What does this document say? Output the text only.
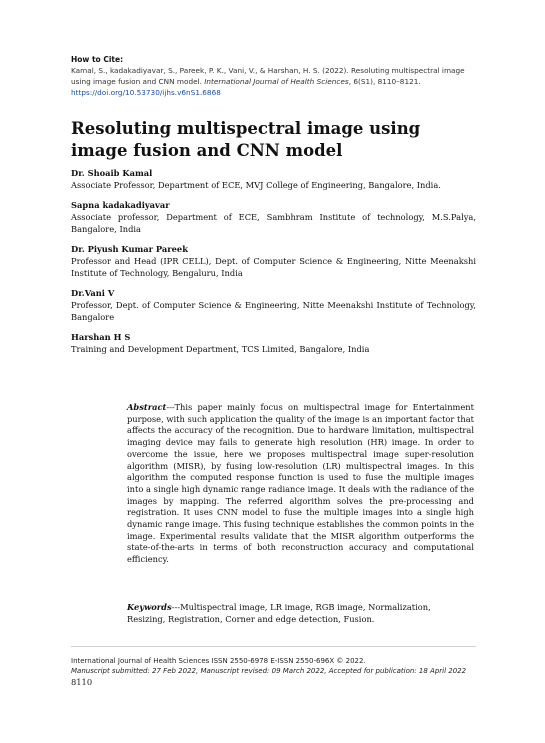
How to Cite:
Kamal, S., kadakadiyavar, S., Pareek, P. K., Vani, V., & Harshan, H. S. (2022). Resoluting multispectral image using image fusion and CNN model. International Journal of Health Sciences, 6(S1), 8110–8121. https://doi.org/10.53730/ijhs.v6nS1.6868
Resoluting multispectral image using image fusion and CNN model
Dr. Shoaib Kamal
Associate Professor, Department of ECE, MVJ College of Engineering, Bangalore, India.
Sapna kadakadiyavar
Associate professor, Department of ECE, Sambhram Institute of technology, M.S.Palya, Bangalore, India
Dr. Piyush Kumar Pareek
Professor and Head (IPR CELL), Dept. of Computer Science & Engineering, Nitte Meenakshi Institute of Technology, Bengaluru, India
Dr.Vani V
Professor, Dept. of Computer Science & Engineering, Nitte Meenakshi Institute of Technology, Bangalore
Harshan H S
Training and Development Department, TCS Limited, Bangalore, India
Abstract---This paper mainly focus on multispectral image for Entertainment purpose, with such application the quality of the image is an important factor that affects the accuracy of the recognition. Due to hardware limitation, multispectral imaging device may fails to generate high resolution (HR) image. In order to overcome the issue, here we proposes multispectral image super-resolution algorithm (MISR), by fusing low-resolution (LR) multispectral images. In this algorithm the computed response function is used to fuse the multiple images into a single high dynamic range radiance image. It deals with the radiance of the images by mapping. The referred algorithm solves the pre-processing and registration. It uses CNN model to fuse the multiple images into a single high dynamic range image. This fusing technique establishes the common points in the image. Experimental results validate that the MISR algorithm outperforms the state-of-the-arts in terms of both reconstruction accuracy and computational efficiency.
Keywords---Multispectral image, LR image, RGB image, Normalization, Resizing, Registration, Corner and edge detection, Fusion.
International Journal of Health Sciences ISSN 2550-6978 E-ISSN 2550-696X © 2022.
Manuscript submitted: 27 Feb 2022, Manuscript revised: 09 March 2022, Accepted for publication: 18 April 2022
8110
